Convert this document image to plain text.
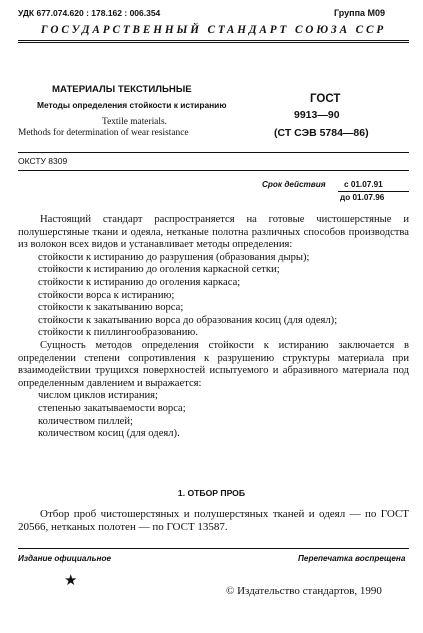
УДК 677.074.620 : 178.162 : 006.354	Группа М09
ГОСУДАРСТВЕННЫЙ СТАНДАРТ СОЮЗА ССР
МАТЕРИАЛЫ ТЕКСТИЛЬНЫЕ
Методы определения стойкости к истиранию
Textile materials.
Methods for determination of wear resistance
ГОСТ
9913—90
(СТ СЭВ 5784—86)
ОКСТУ 8309
Срок действия с 01.07.91
до 01.07.96

Настоящий стандарт распространяется на готовые чистошерстяные и полушерстяные ткани и одеяла, нетканые полотна различных способов производства из волокон всех видов и устанавливает методы определения:

стойкости к истиранию до разрушения (образования дыры);

стойкости к истиранию до оголения каркасной сетки;

стойкости к истиранию до оголения каркаса;

стойкости ворса к истиранию;

стойкости к закатыванию ворса;

стойкости к закатыванию ворса до образования косиц (для одеял);

стойкости к пиллингообразованию.

Сущность методов определения стойкости к истиранию заключается в определении степени сопротивления к разрушению структуры материала при взаимодействии трущихся поверхностей испытуемого и абразивного материала под определенным давлением и выражается:

числом циклов истирания;

степенью закатываемости ворса;

количеством пиллей;

количеством косиц (для одеял).

1. ОТБОР ПРОБ

Отбор проб чистошерстяных и полушерстяных тканей и одеял — по ГОСТ 20566, нетканых полотен — по ГОСТ 13587.

Издание официальное	Перепечатка воспрещена
★
© Издательство стандартов, 1990
